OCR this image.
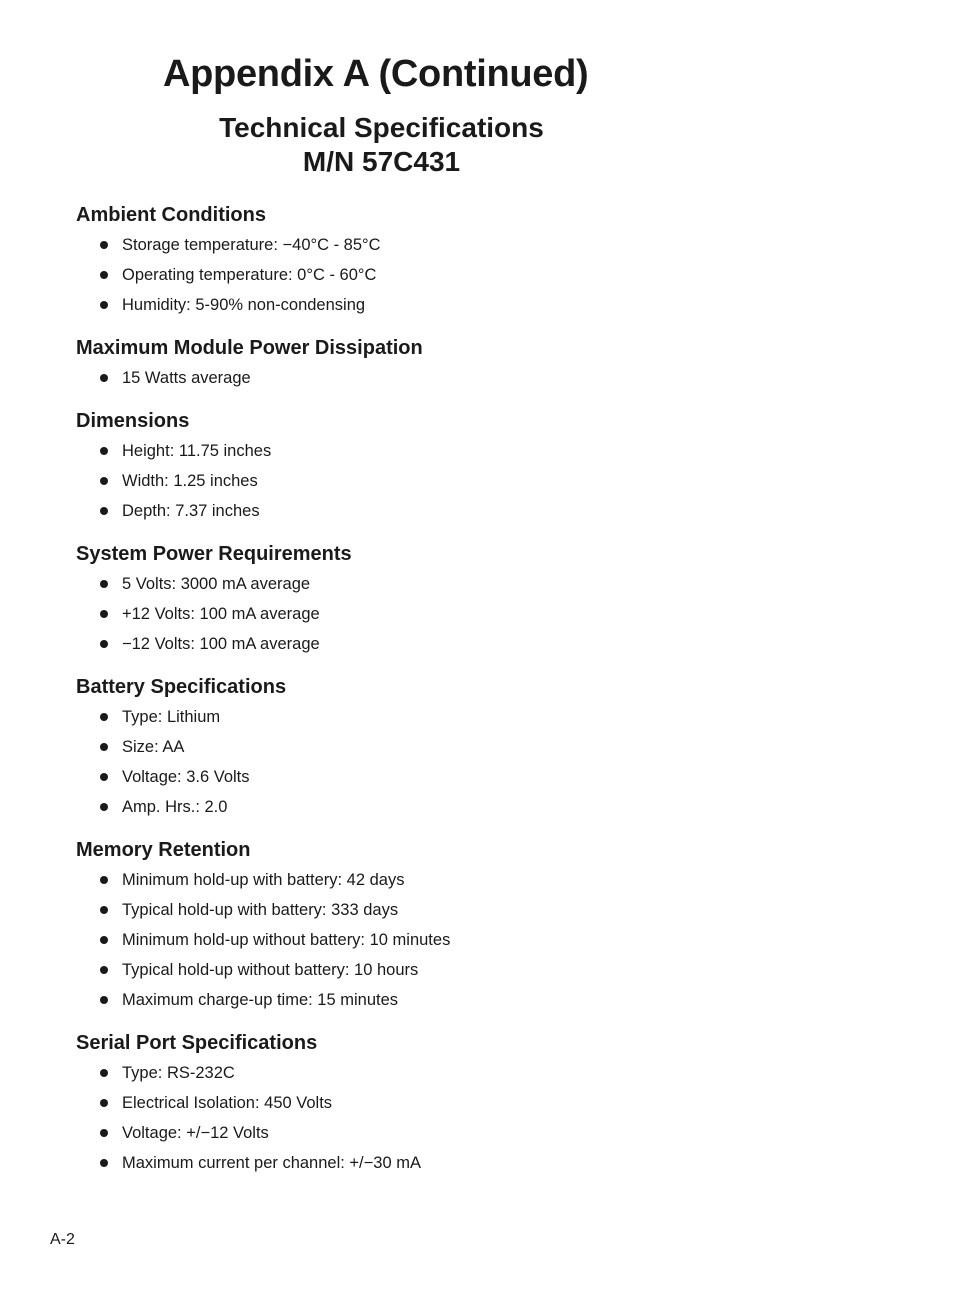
Appendix A (Continued)
Technical Specifications
M/N 57C431
Ambient Conditions
Storage temperature: −40°C - 85°C
Operating temperature: 0°C - 60°C
Humidity: 5-90% non-condensing
Maximum Module Power Dissipation
15 Watts average
Dimensions
Height: 11.75 inches
Width: 1.25 inches
Depth: 7.37 inches
System Power Requirements
5 Volts: 3000 mA average
+12 Volts: 100 mA average
−12 Volts: 100 mA average
Battery Specifications
Type: Lithium
Size: AA
Voltage: 3.6 Volts
Amp. Hrs.: 2.0
Memory Retention
Minimum hold-up with battery: 42 days
Typical hold-up with battery: 333 days
Minimum hold-up without battery: 10 minutes
Typical hold-up without battery: 10 hours
Maximum charge-up time: 15 minutes
Serial Port Specifications
Type: RS-232C
Electrical Isolation: 450 Volts
Voltage: +/−12 Volts
Maximum current per channel: +/−30 mA
A-2
